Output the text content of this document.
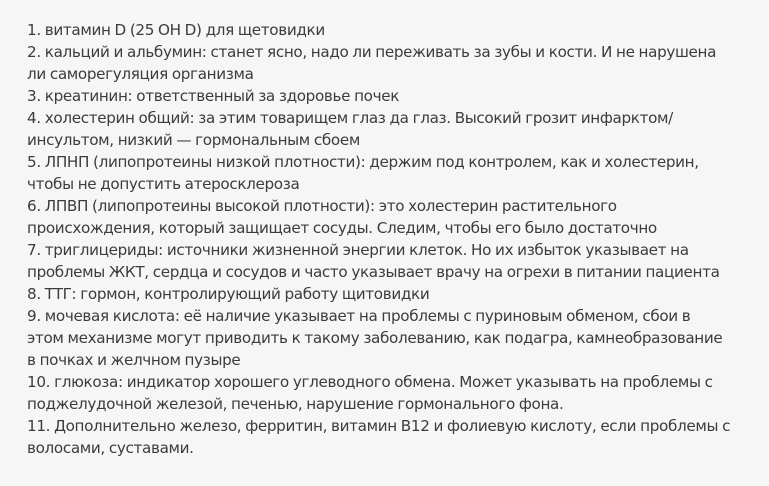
1. витамин D (25 OH D) для щетовидки

2. кальций и альбумин: станет ясно, надо ли переживать за зубы и кости. И не нарушена
ли саморегуляция организма

3. креатинин: ответственный за здоровье почек

4. холестерин общий: за этим товарищем глаз да глаз. Высокий грозит инфарктом/
инсультом, низкий — гормональным сбоем

5. ЛПНП (липопротеины низкой плотности): держим под контролем, как и холестерин,
чтобы не допустить атеросклероза

6. ЛПВП (липопротеины высокой плотности): это холестерин растительного
происхождения, который защищает сосуды. Следим, чтобы его было достаточно

7. триглицериды: источники жизненной энергии клеток. Но их избыток указывает на
проблемы ЖКТ, сердца и сосудов и часто указывает врачу на огрехи в питании пациента

8. ТТГ: гормон, контролирующий работу щитовидки

9. мочевая кислота: её наличие указывает на проблемы с пуриновым обменом, сбои в
этом механизме могут приводить к такому заболеванию, как подагра, камнеобразование
в почках и желчном пузыре

10. глюкоза: индикатор хорошего углеводного обмена. Может указывать на проблемы с
поджелудочной железой, печенью, нарушение гормонального фона.

11. Дополнительно железо, ферритин, витамин В12 и фолиевую кислоту, если проблемы с
волосами, суставами.
